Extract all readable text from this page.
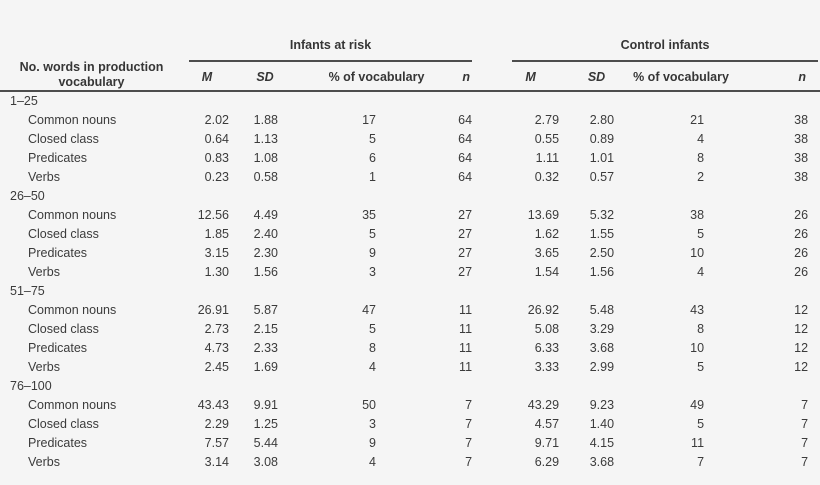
No. words in production
vocabulary	Infants at risk				Control infants			

	M	SD	% of vocabulary	n	M	SD	% of vocabulary	n
1–25								
Common nouns	2.02	1.88	17	64	2.79	2.80	21	38
Closed class	0.64	1.13	5	64	0.55	0.89	4	38
Predicates	0.83	1.08	6	64	1.11	1.01	8	38
Verbs	0.23	0.58	1	64	0.32	0.57	2	38
26–50								
Common nouns	12.56	4.49	35	27	13.69	5.32	38	26
Closed class	1.85	2.40	5	27	1.62	1.55	5	26
Predicates	3.15	2.30	9	27	3.65	2.50	10	26
Verbs	1.30	1.56	3	27	1.54	1.56	4	26
51–75								
Common nouns	26.91	5.87	47	11	26.92	5.48	43	12
Closed class	2.73	2.15	5	11	5.08	3.29	8	12
Predicates	4.73	2.33	8	11	6.33	3.68	10	12
Verbs	2.45	1.69	4	11	3.33	2.99	5	12
76–100								
Common nouns	43.43	9.91	50	7	43.29	9.23	49	7
Closed class	2.29	1.25	3	7	4.57	1.40	5	7
Predicates	7.57	5.44	9	7	9.71	4.15	11	7
Verbs	3.14	3.08	4	7	6.29	3.68	7	7
